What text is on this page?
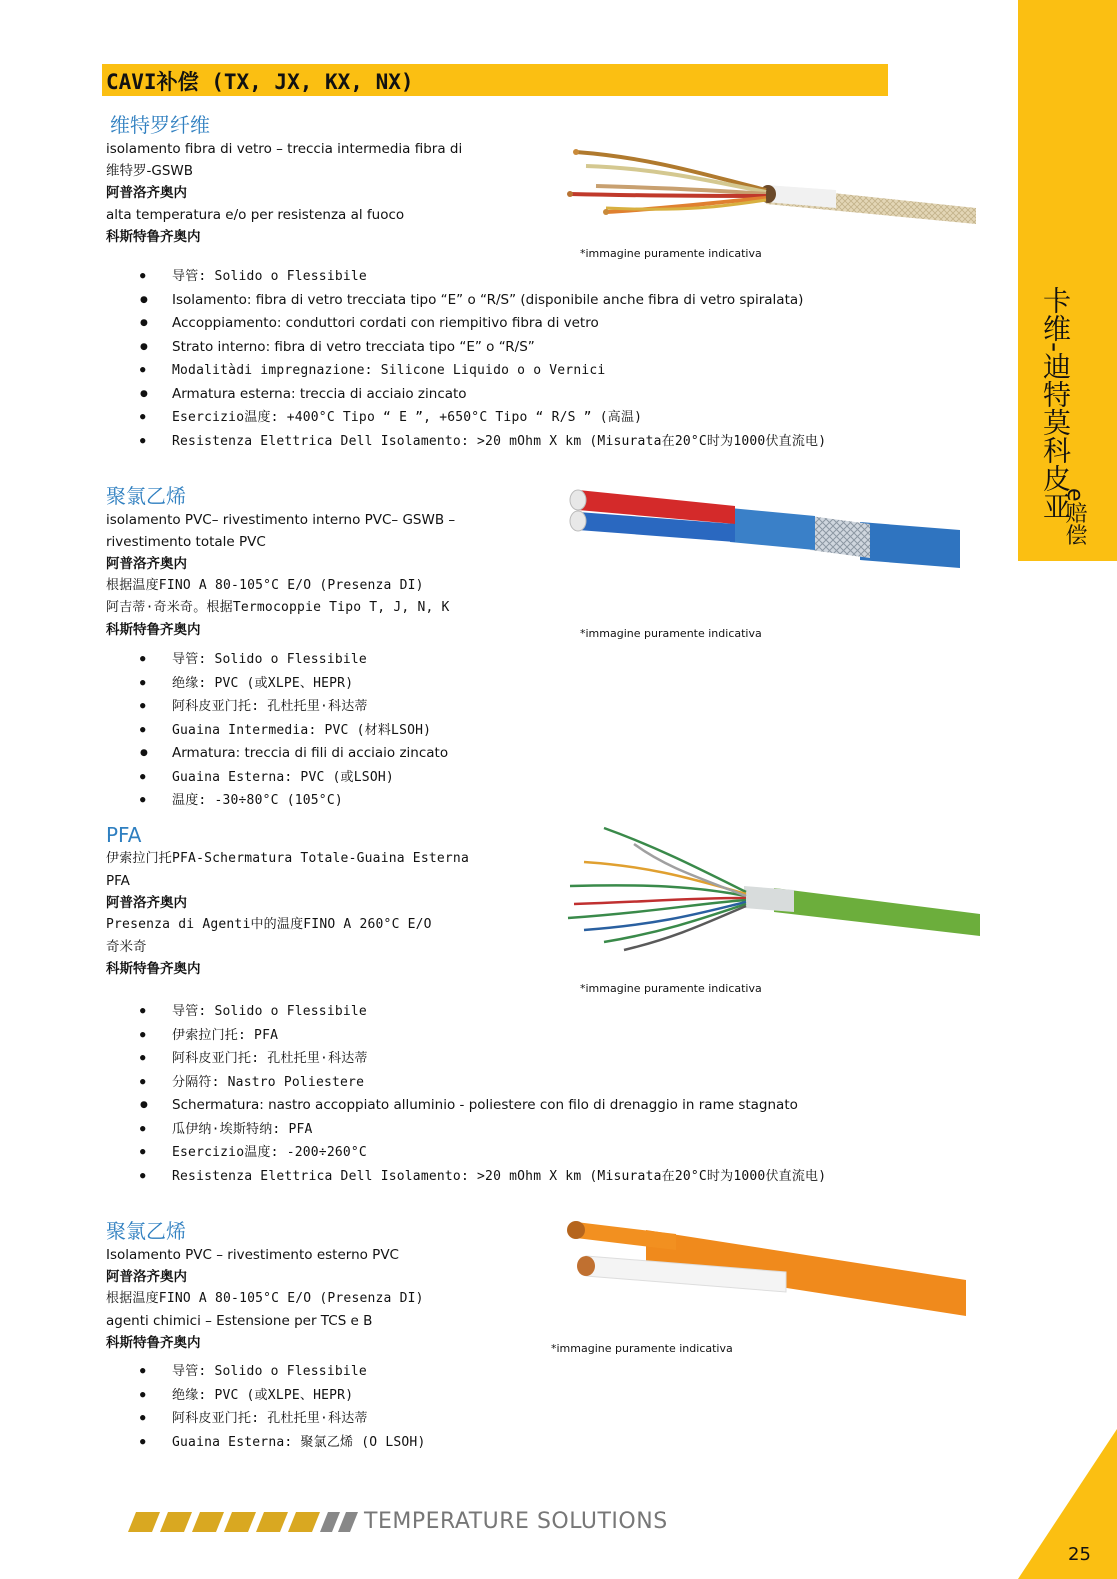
CAVI补偿 (TX, JX, KX, NX)
卡维-迪特莫科皮亚
e赔偿
维特罗纤维
isolamento fibra di vetro – treccia intermedia fibra di
维特罗-GSWB
阿普洛齐奥内
alta temperatura e/o per resistenza al fuoco
科斯特鲁齐奥内
*immagine puramente indicativa
● 导管: Solido o Flessibile
● Isolamento: fibra di vetro trecciata tipo “E” o “R/S” (disponibile anche fibra di vetro spiralata)
● Accoppiamento: conduttori cordati con riempitivo fibra di vetro
● Strato interno: fibra di vetro trecciata tipo “E” o “R/S”
● Modalitàdi impregnazione: Silicone Liquido o o Vernici
● Armatura esterna: treccia di acciaio zincato
● Esercizio温度: +400°C Tipo “ E ”, +650°C Tipo “ R/S ” (高温)
● Resistenza Elettrica Dell Isolamento: >20 mOhm X km (Misurata在20°C时为1000伏直流电)
聚氯乙烯
isolamento PVC– rivestimento interno PVC– GSWB –
rivestimento totale PVC
阿普洛齐奥内
根据温度FINO A 80-105°C E/O (Presenza DI)
阿吉蒂·奇米奇。根据Termocoppie Tipo T, J, N, K
科斯特鲁齐奥内	*immagine puramente indicativa
● 导管: Solido o Flessibile
● 绝缘: PVC (或XLPE、HEPR)
● 阿科皮亚门托: 孔杜托里·科达蒂
● Guaina Intermedia: PVC (材料LSOH)
● Armatura: treccia di fili di acciaio zincato
● Guaina Esterna: PVC (或LSOH)
● 温度: -30÷80°C (105°C)
PFA
伊索拉门托PFA-Schermatura Totale-Guaina Esterna
PFA
阿普洛齐奥内
Presenza di Agenti中的温度FINO A 260°C E/O
奇米奇
科斯特鲁齐奥内
*immagine puramente indicativa
● 导管: Solido o Flessibile
● 伊索拉门托: PFA
● 阿科皮亚门托: 孔杜托里·科达蒂
● 分隔符: Nastro Poliestere
● Schermatura: nastro accoppiato alluminio - poliestere con filo di drenaggio in rame stagnato
● 瓜伊纳·埃斯特纳: PFA
● Esercizio温度: -200÷260°C
● Resistenza Elettrica Dell Isolamento: >20 mOhm X km (Misurata在20°C时为1000伏直流电)
聚氯乙烯
Isolamento PVC – rivestimento esterno PVC
阿普洛齐奥内
根据温度FINO A 80-105°C E/O (Presenza DI)
agenti chimici – Estensione per TCS e B
科斯特鲁齐奥内	*immagine puramente indicativa
● 导管: Solido o Flessibile
● 绝缘: PVC (或XLPE、HEPR)
● 阿科皮亚门托: 孔杜托里·科达蒂
● Guaina Esterna: 聚氯乙烯 (O LSOH)
TEMPERATURE SOLUTIONS
25
